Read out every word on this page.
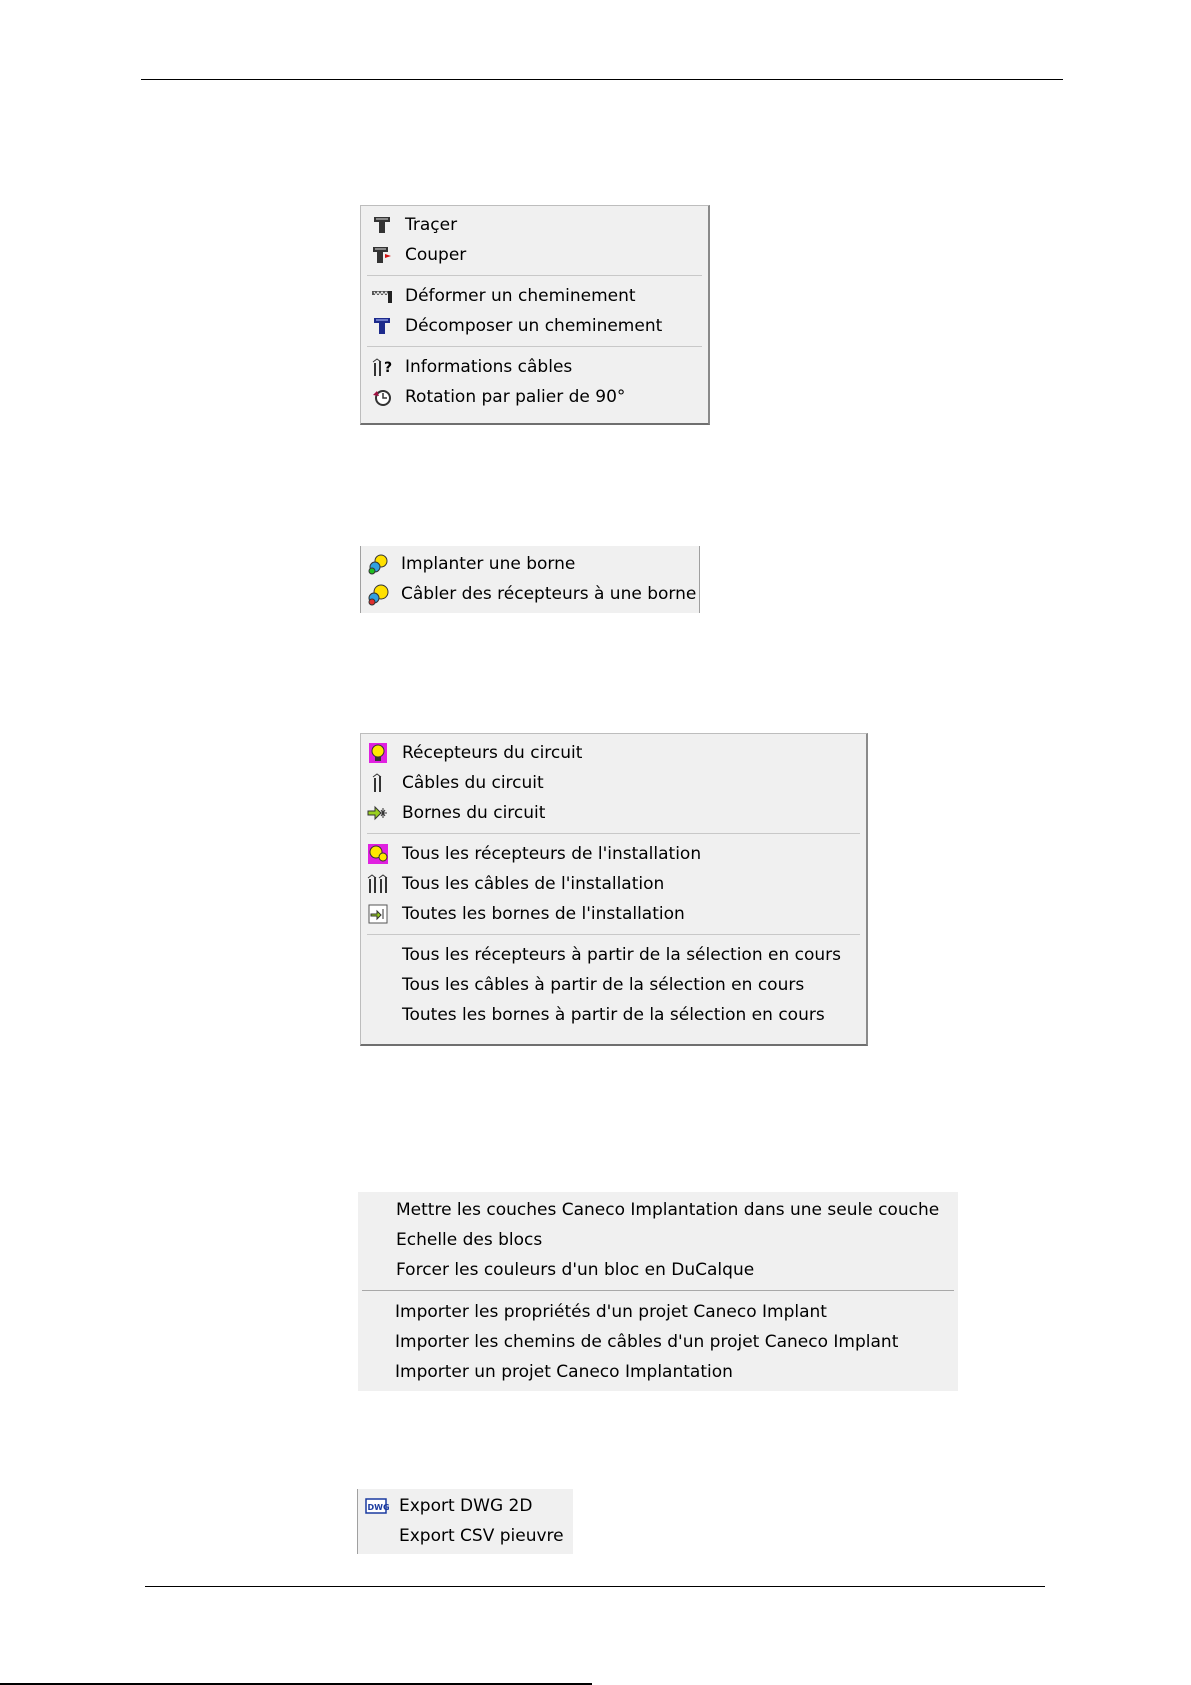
Traçer
Couper
Déformer un cheminement
Décomposer un cheminement
? Informations câbles
Rotation par palier de 90°
Implanter une borne
Câbler des récepteurs à une borne
Récepteurs du circuit
Câbles du circuit
Bornes du circuit
Tous les récepteurs de l'installation
Tous les câbles de l'installation
Toutes les bornes de l'installation
Tous les récepteurs à partir de la sélection en cours
Tous les câbles à partir de la sélection en cours
Toutes les bornes à partir de la sélection en cours
Mettre les couches Caneco Implantation dans une seule couche
Echelle des blocs
Forcer les couleurs d'un bloc en DuCalque
Importer les propriétés d'un projet Caneco Implant
Importer les chemins de câbles d'un projet Caneco Implant
Importer un projet Caneco Implantation
DWG Export DWG 2D
Export CSV pieuvre
